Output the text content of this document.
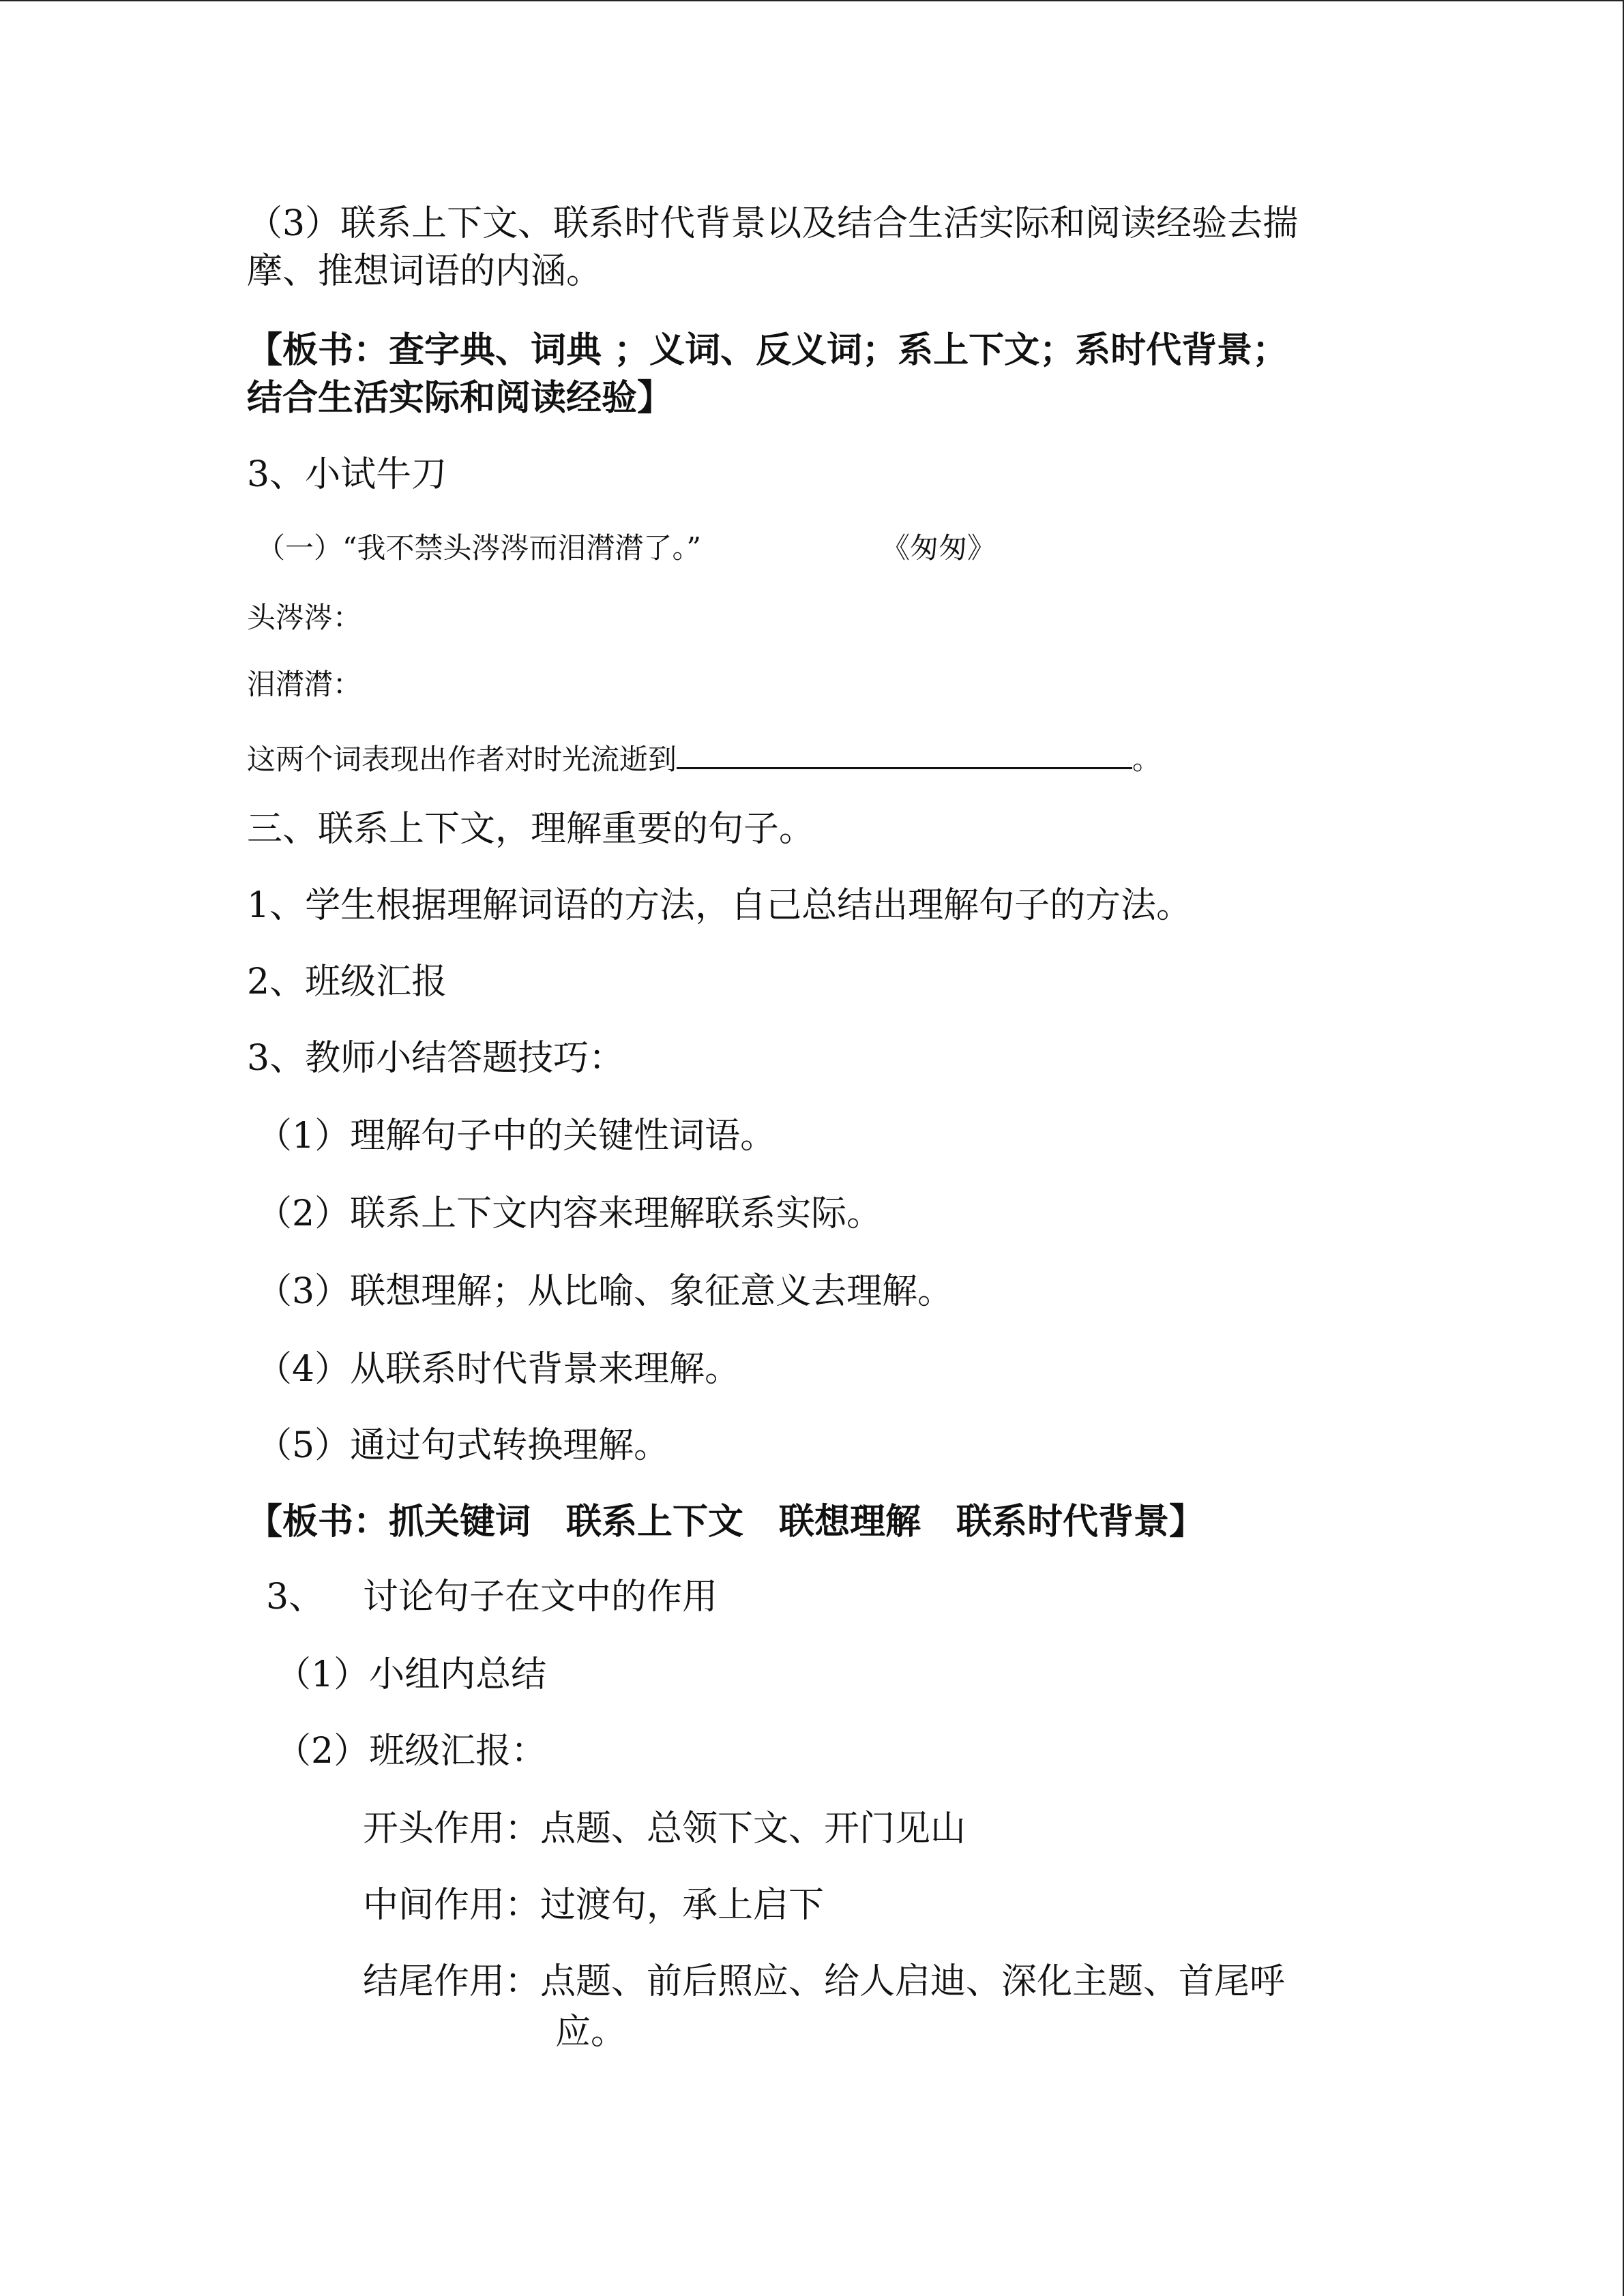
（3）联系上下文、联系时代背景以及结合生活实际和阅读经验去揣
摩、推想词语的内涵。
【板书：查字典、词典 ；义词、反义词；系上下文；系时代背景；
结合生活实际和阅读经验】
3、小试牛刀
（一）“我不禁头涔涔而泪潸潸了。”	《匆匆》
头涔涔：
泪潸潸：
这两个词表现出作者对时光流逝到	。
三、联系上下文，理解重要的句子。
1、学生根据理解词语的方法，自己总结出理解句子的方法。
2、班级汇报
3、教师小结答题技巧：
（1）理解句子中的关键性词语。
（2）联系上下文内容来理解联系实际。
（3）联想理解；从比喻、象征意义去理解。
（4）从联系时代背景来理解。
（5）通过句式转换理解。
【板书：抓关键词　联系上下文　联想理解　联系时代背景】
3、 讨论句子在文中的作用
（1）小组内总结
（2）班级汇报：
开头作用：点题、总领下文、开门见山
中间作用：过渡句，承上启下
结尾作用：点题、前后照应、给人启迪、深化主题、首尾呼
应。
